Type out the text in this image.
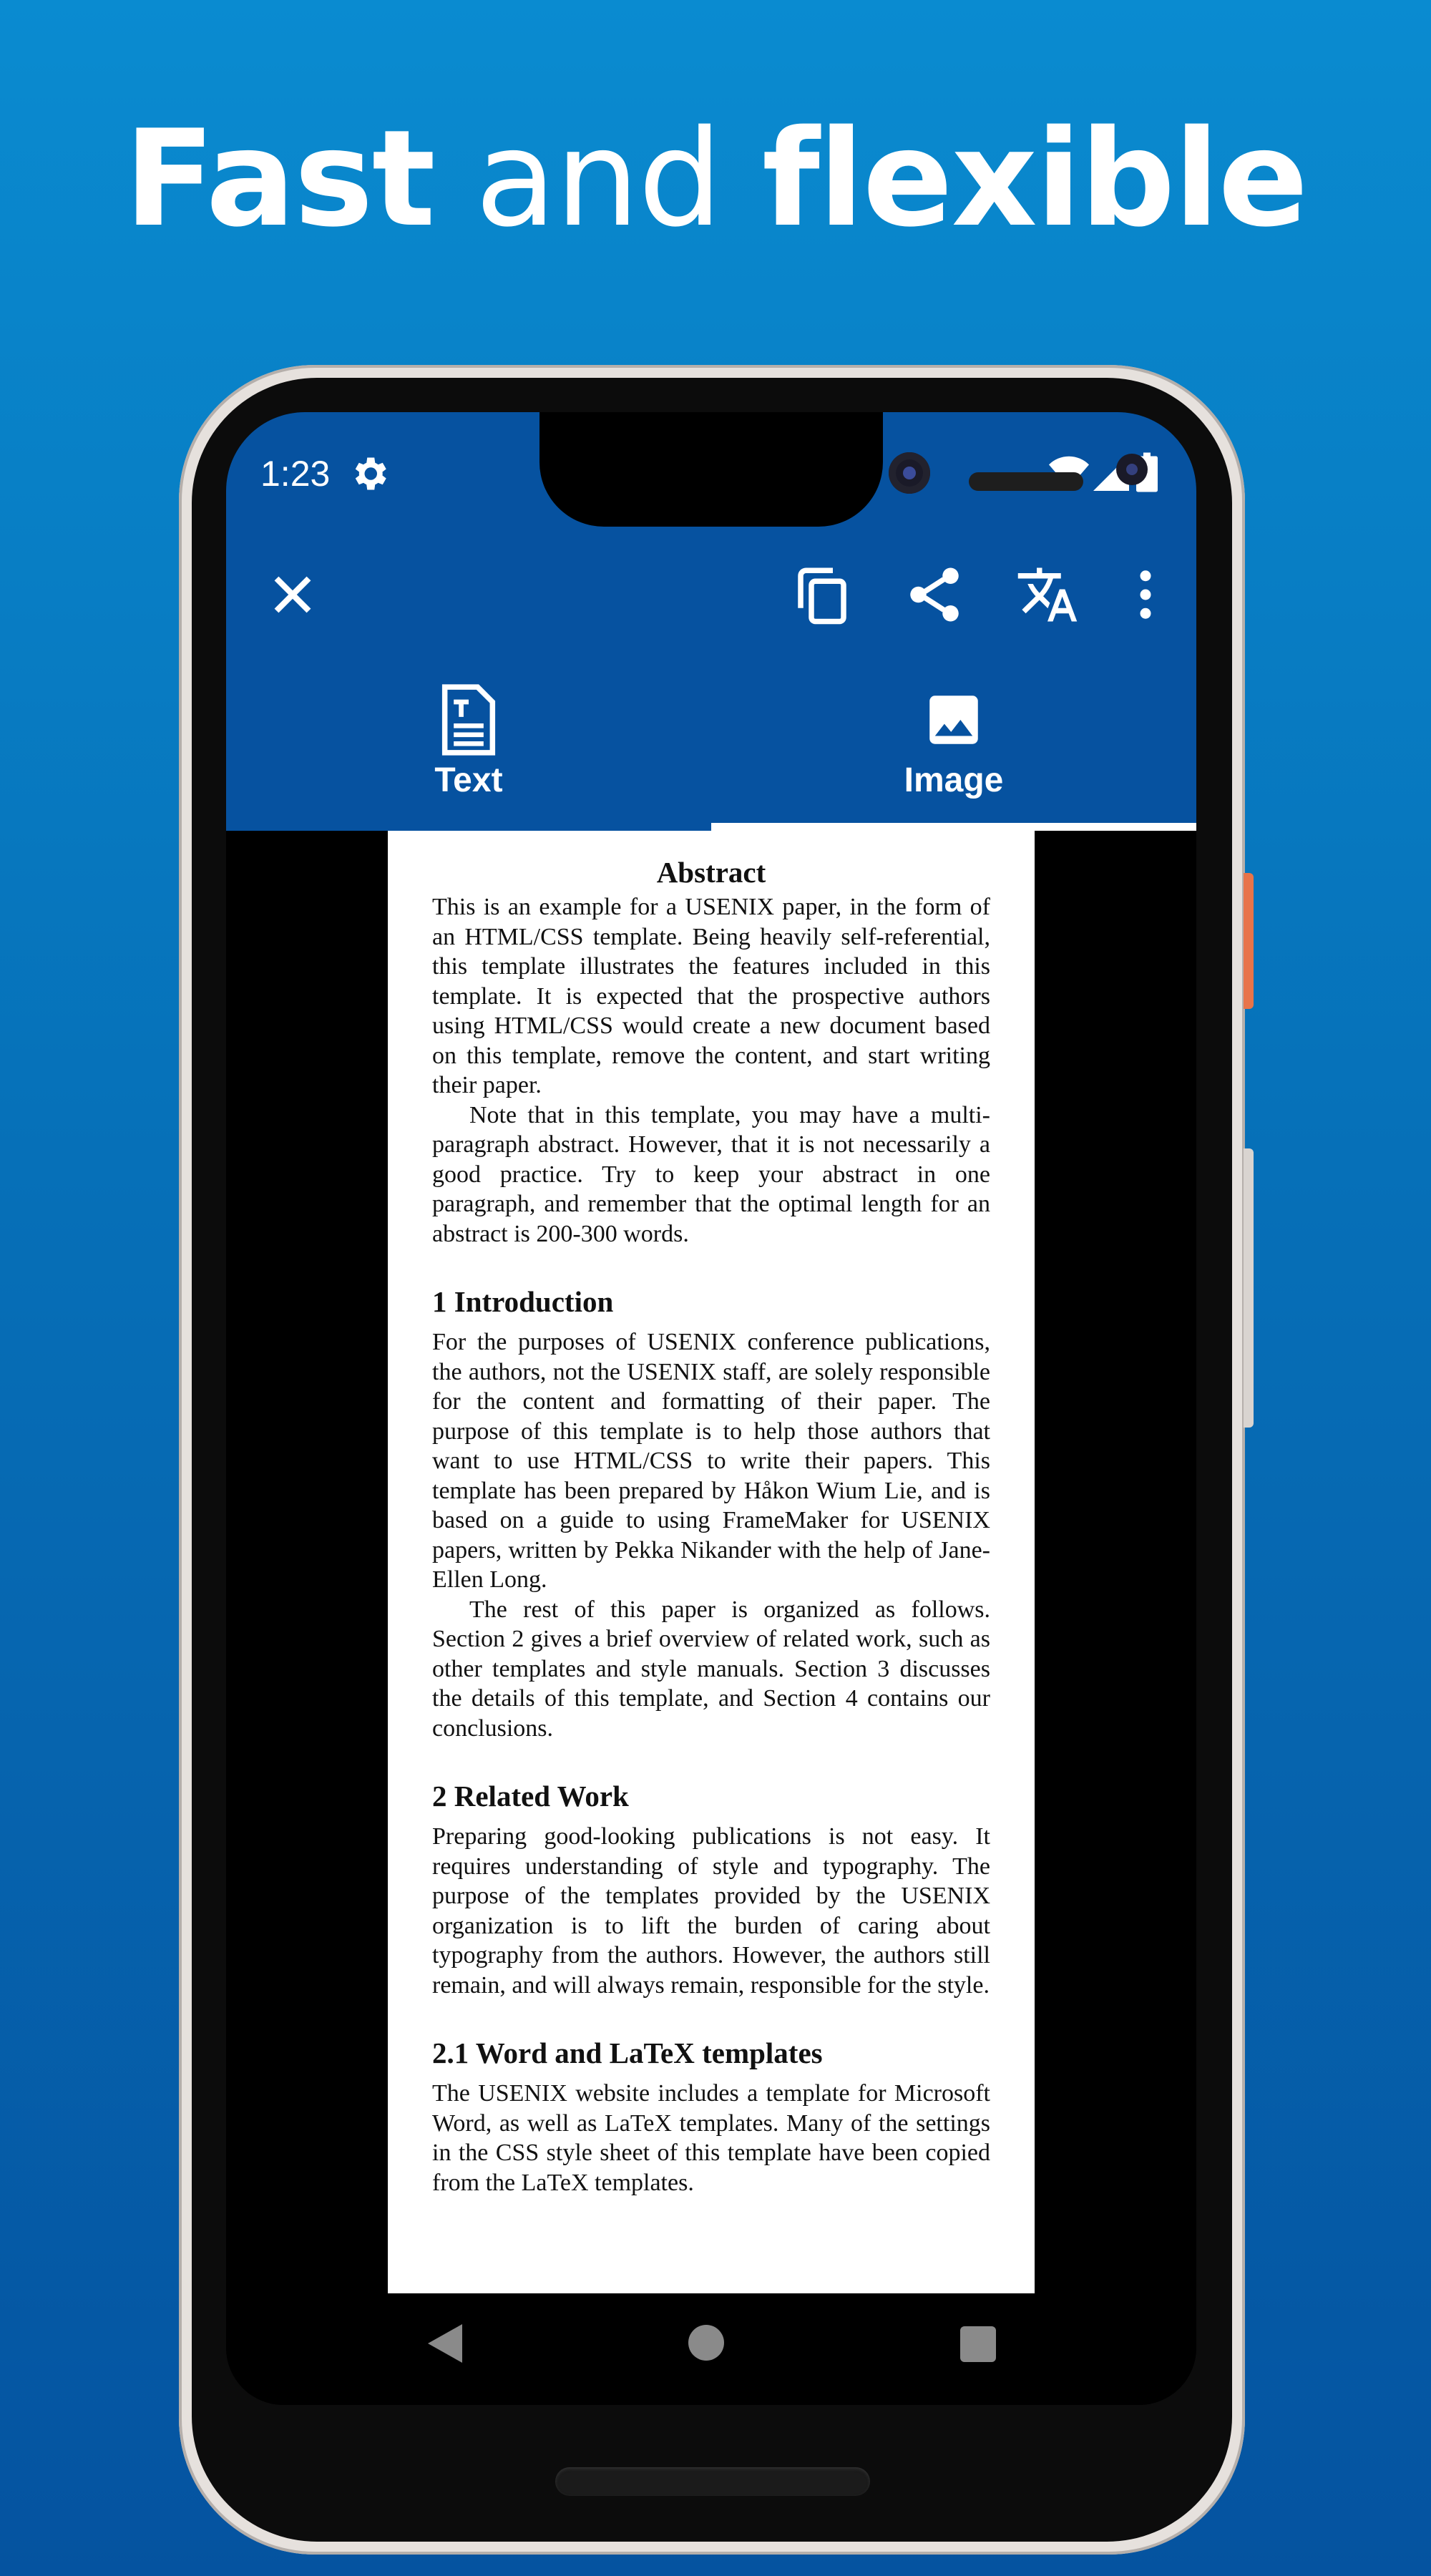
Fast and flexible
1:23
Text	Image
Abstract

This is an example for a USENIX paper, in the form of an HTML/CSS template. Being heavily self-referential, this template illustrates the features included in this template. It is expected that the prospective authors using HTML/CSS would create a new document based on this template, remove the content, and start writing their paper.

Note that in this template, you may have a multi-paragraph abstract. However, that it is not necessarily a good practice. Try to keep your abstract in one paragraph, and remember that the optimal length for an abstract is 200-300 words.

1 Introduction

For the purposes of USENIX conference publications, the authors, not the USENIX staff, are solely responsible for the content and formatting of their paper. The purpose of this template is to help those authors that want to use HTML/CSS to write their papers. This template has been prepared by Håkon Wium Lie, and is based on a guide to using FrameMaker for USENIX papers, written by Pekka Nikander with the help of Jane-Ellen Long.

The rest of this paper is organized as follows. Section 2 gives a brief overview of related work, such as other templates and style manuals. Section 3 discusses the details of this template, and Section 4 contains our conclusions.

2 Related Work

Preparing good-looking publications is not easy. It requires understanding of style and typography. The purpose of the templates provided by the USENIX organization is to lift the burden of caring about typography from the authors. However, the authors still remain, and will always remain, responsible for the style.

2.1 Word and LaTeX templates

The USENIX website includes a template for Microsoft Word, as well as LaTeX templates. Many of the settings in the CSS style sheet of this template have been copied from the LaTeX templates.
